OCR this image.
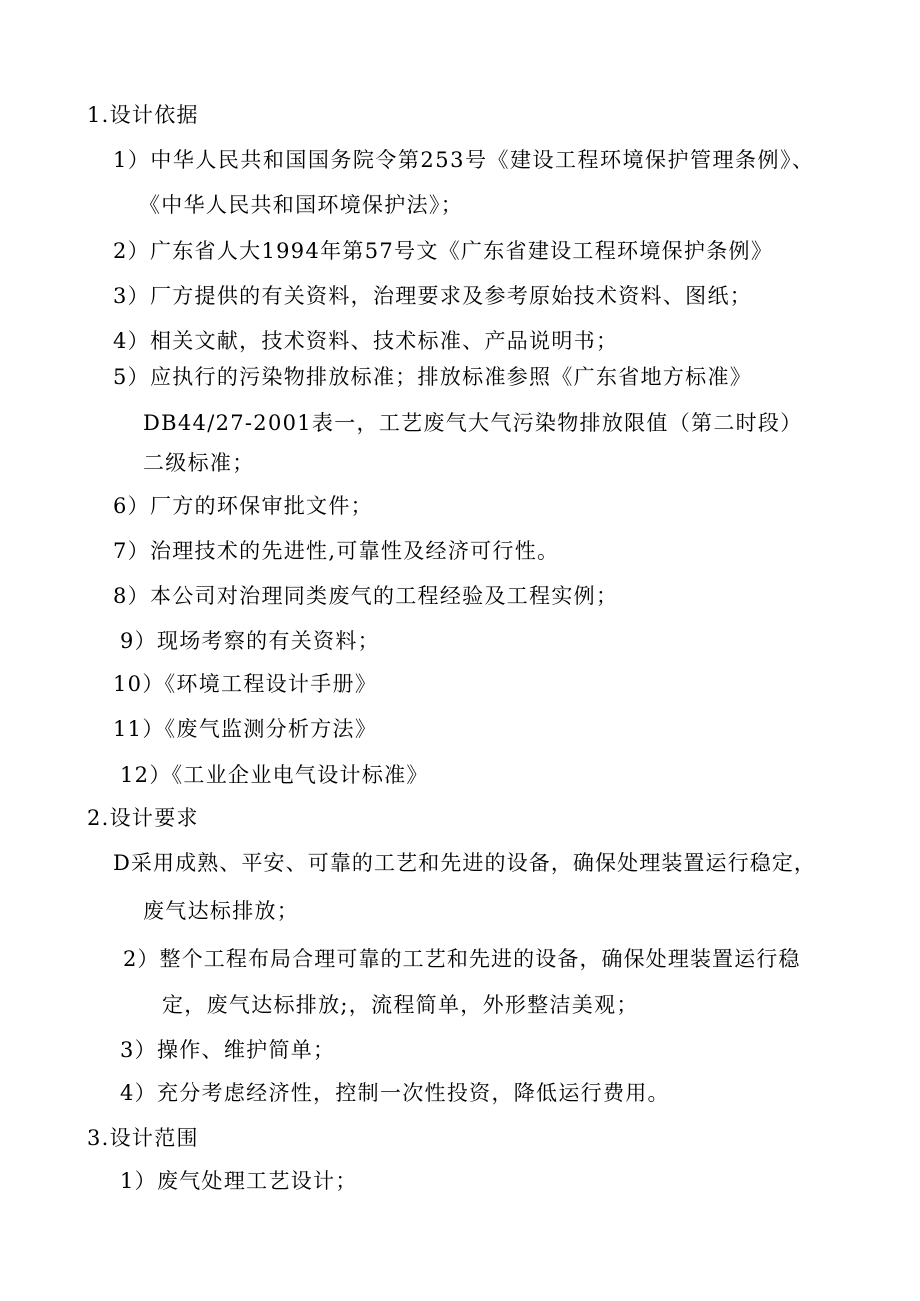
1.设计依据
1）中华人民共和国国务院令第253号《建设工程环境保护管理条例》、
《中华人民共和国环境保护法》；
2）广东省人大1994年第57号文《广东省建设工程环境保护条例》
3）厂方提供的有关资料，治理要求及参考原始技术资料、图纸；
4）相关文献，技术资料、技术标准、产品说明书；
5）应执行的污染物排放标准；排放标准参照《广东省地方标准》
DB44/27-2001表一，工艺废气大气污染物排放限值（第二时段）
二级标准；
6）厂方的环保审批文件；
7）治理技术的先进性,可靠性及经济可行性。
8）本公司对治理同类废气的工程经验及工程实例；
9）现场考察的有关资料；
10）《环境工程设计手册》
11）《废气监测分析方法》
12）《工业企业电气设计标准》
2.设计要求
D采用成熟、平安、可靠的工艺和先进的设备，确保处理装置运行稳定，
废气达标排放；
2）整个工程布局合理可靠的工艺和先进的设备，确保处理装置运行稳
定，废气达标排放;，流程简单，外形整洁美观；
3）操作、维护简单；
4）充分考虑经济性，控制一次性投资，降低运行费用。
3.设计范围
1）废气处理工艺设计；
